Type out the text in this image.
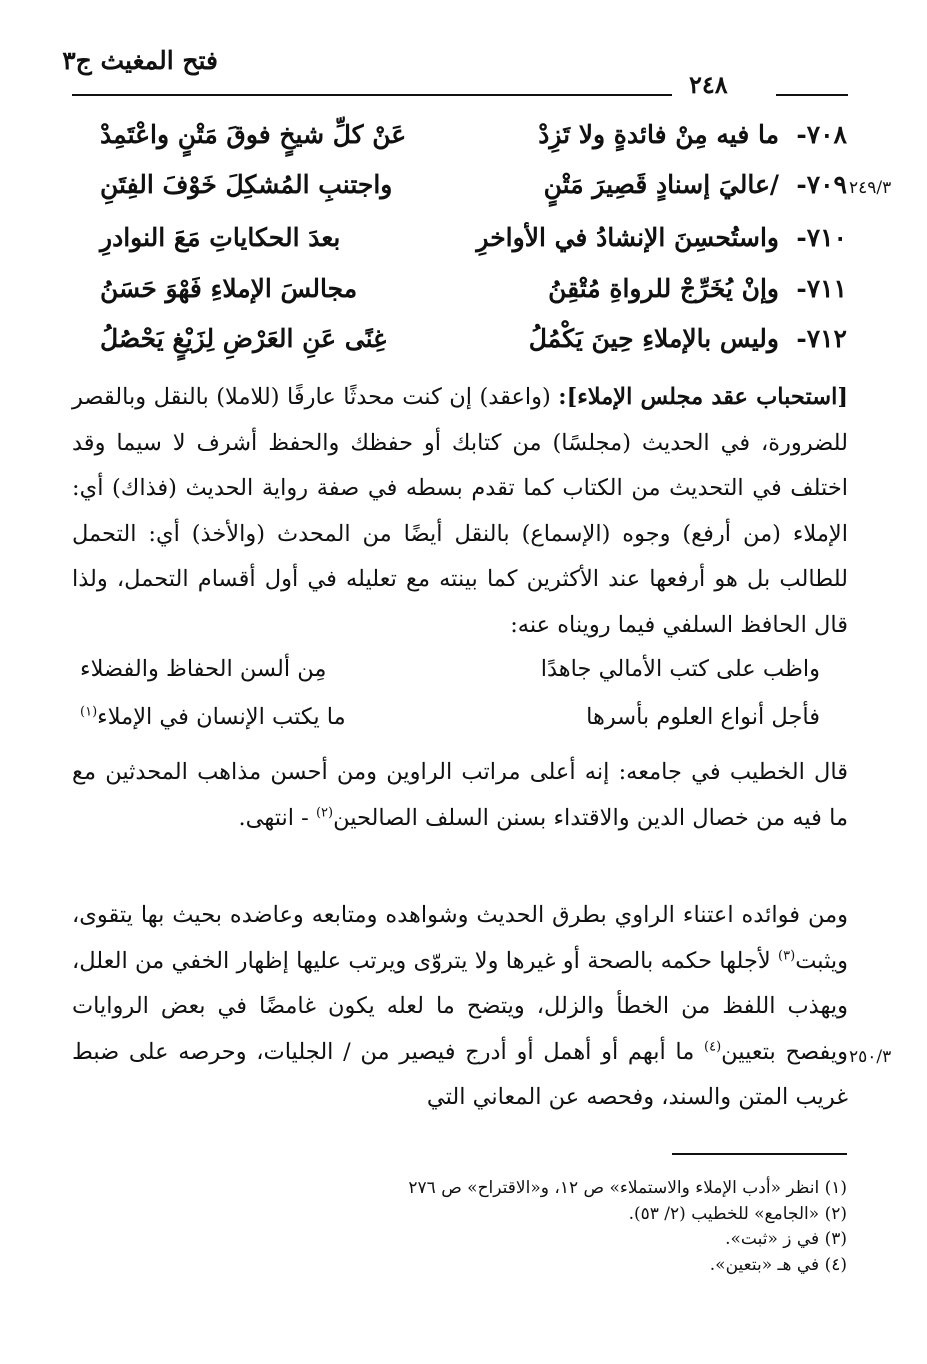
فتح المغيث ج٣
٢٤٨
٢٤٩/٣
٢٥٠/٣
٧٠٨-
ما فيه مِنْ فائدةٍ ولا تَزِدْ
عَنْ كلِّ شيخٍ فوقَ مَتْنٍ واعْتَمِدْ
٧٠٩-
/عاليَ إسنادٍ قَصِيرَ مَتْنٍ
واجتنبِ المُشكِلَ خَوْفَ الفِتَنِ
٧١٠-
واستُحسِنَ الإنشادُ في الأواخرِ
بعدَ الحكاياتِ مَعَ النوادرِ
٧١١-
وإنْ يُخَرِّجْ للرواةِ مُتْقِنُ
مجالسَ الإملاءِ فَهْوَ حَسَنُ
٧١٢-
وليس بالإملاءِ حِينَ يَكْمُلُ
غِنًى عَنِ العَرْضِ لِزَيْغٍ يَحْصُلُ

[استحباب عقد مجلس الإملاء]: (واعقد) إن كنت محدثًا عارفًا (للاملا) بالنقل وبالقصر للضرورة، في الحديث (مجلسًا) من كتابك أو حفظك والحفظ أشرف لا سيما وقد اختلف في التحديث من الكتاب كما تقدم بسطه في صفة رواية الحديث (فذاك) أي: الإملاء (من أرفع) وجوه (الإسماع) بالنقل أيضًا من المحدث (والأخذ) أي: التحمل للطالب بل هو أرفعها عند الأكثرين كما بينته مع تعليله في أول أقسام التحمل، ولذا قال الحافظ السلفي فيما رويناه عنه:

واظب على كتب الأمالي جاهدًا
مِن ألسن الحفاظ والفضلاء
فأجل أنواع العلوم بأسرها
ما يكتب الإنسان في الإملاء$^{(١)}$

قال الخطيب في جامعه: إنه أعلى مراتب الراوين ومن أحسن مذاهب المحدثين مع ما فيه من خصال الدين والاقتداء بسنن السلف الصالحين$^{(٢)}$ - انتهى.

ومن فوائده اعتناء الراوي بطرق الحديث وشواهده ومتابعه وعاضده بحيث بها يتقوى، ويثبت$^{(٣)}$ لأجلها حكمه بالصحة أو غيرها ولا يتروّى ويرتب عليها إظهار الخفي من العلل، ويهذب اللفظ من الخطأ والزلل، ويتضح ما لعله يكون غامضًا في بعض الروايات ويفصح بتعيين$^{(٤)}$ ما أبهم أو أهمل أو أدرج فيصير من / الجليات، وحرصه على ضبط غريب المتن والسند، وفحصه عن المعاني التي

(١) انظر «أدب الإملاء والاستملاء» ص ١٢، و«الاقتراح» ص ٢٧٦
(٢) «الجامع» للخطيب (٢/ ٥٣).
(٣) في ز «ثبت».
(٤) في هـ «بتعين».
